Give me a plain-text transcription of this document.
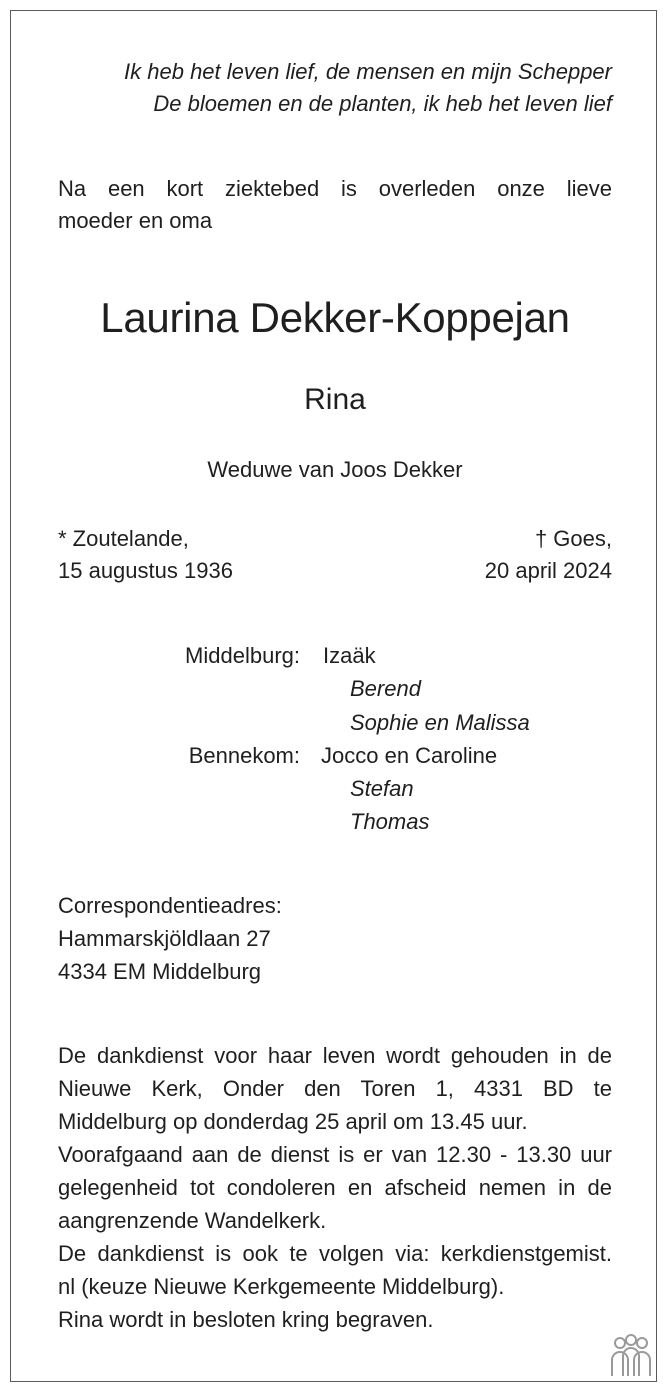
Ik heb het leven lief, de mensen en mijn Schepper
De bloemen en de planten, ik heb het leven lief
Na een kort ziektebed is overleden onze lieve
moeder en oma
Laurina Dekker-Koppejan
Rina
Weduwe van Joos Dekker
* Zoutelande,
15 augustus 1936
† Goes,
20 april 2024
Middelburg: Izaäk
Berend
Sophie en Malissa
Bennekom: Jocco en Caroline
Stefan
Thomas
Correspondentieadres:
Hammarskjöldlaan 27
4334 EM Middelburg
De dankdienst voor haar leven wordt gehouden in de
Nieuwe Kerk, Onder den Toren 1, 4331 BD te
Middelburg op donderdag 25 april om 13.45 uur.
Voorafgaand aan de dienst is er van 12.30 - 13.30 uur
gelegenheid tot condoleren en afscheid nemen in de
aangrenzende Wandelkerk.
De dankdienst is ook te volgen via: kerkdienstgemist.
nl (keuze Nieuwe Kerkgemeente Middelburg).
Rina wordt in besloten kring begraven.
